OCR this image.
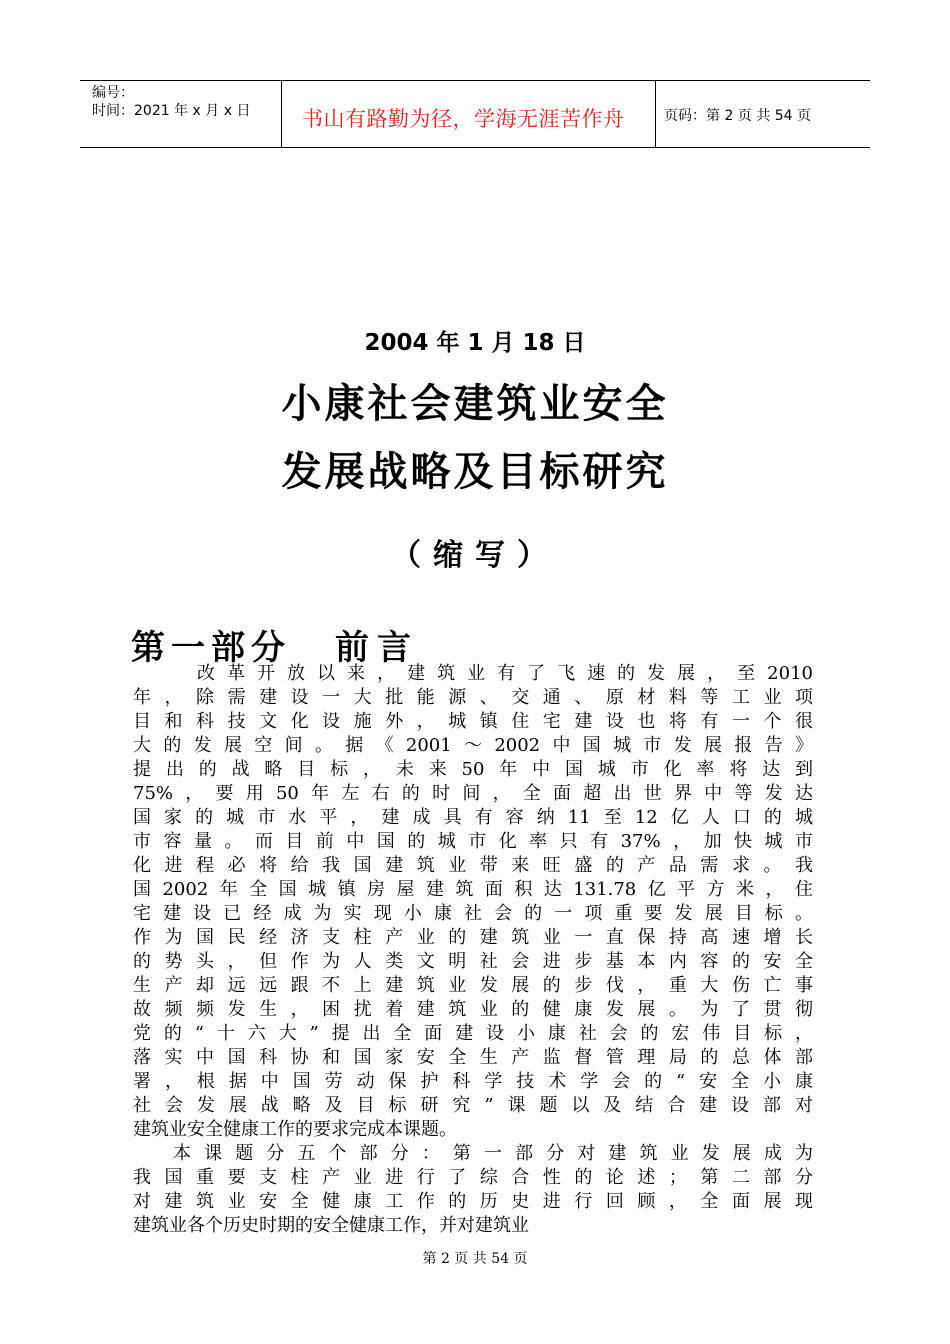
编号：
时间：2021 年 x 月 x 日 书山有路勤为径，学海无涯苦作舟	页码：第 2 页 共 54 页
2004 年 1 月 18 日
小康社会建筑业安全
发展战略及目标研究
（缩写）
第一部分 前言
改革开放以来，建筑业有了飞速的发展，至2010
年，除需建设一大批能源、交通、原材料等工业项
目和科技文化设施外，城镇住宅建设也将有一个很
大的发展空间。据《2001～2002中国城市发展报告》
提出的战略目标，未来50年中国城市化率将达到
75%，要用50年左右的时间，全面超出世界中等发达
国家的城市水平，建成具有容纳11至12亿人口的城
市容量。而目前中国的城市化率只有37%，加快城市
化进程必将给我国建筑业带来旺盛的产品需求。我
国2002年全国城镇房屋建筑面积达131.78亿平方米，住
宅建设已经成为实现小康社会的一项重要发展目标。
作为国民经济支柱产业的建筑业一直保持高速增长
的势头，但作为人类文明社会进步基本内容的安全
生产却远远跟不上建筑业发展的步伐，重大伤亡事
故频频发生，困扰着建筑业的健康发展。为了贯彻
党的“十六大”提出全面建设小康社会的宏伟目标，
落实中国科协和国家安全生产监督管理局的总体部
署，根据中国劳动保护科学技术学会的“安全小康
社会发展战略及目标研究”课题以及结合建设部对
建筑业安全健康工作的要求完成本课题。
本课题分五个部分：第一部分对建筑业发展成为
我国重要支柱产业进行了综合性的论述；第二部分
对建筑业安全健康工作的历史进行回顾，全面展现
建筑业各个历史时期的安全健康工作，并对建筑业
第 2 页 共 54 页
